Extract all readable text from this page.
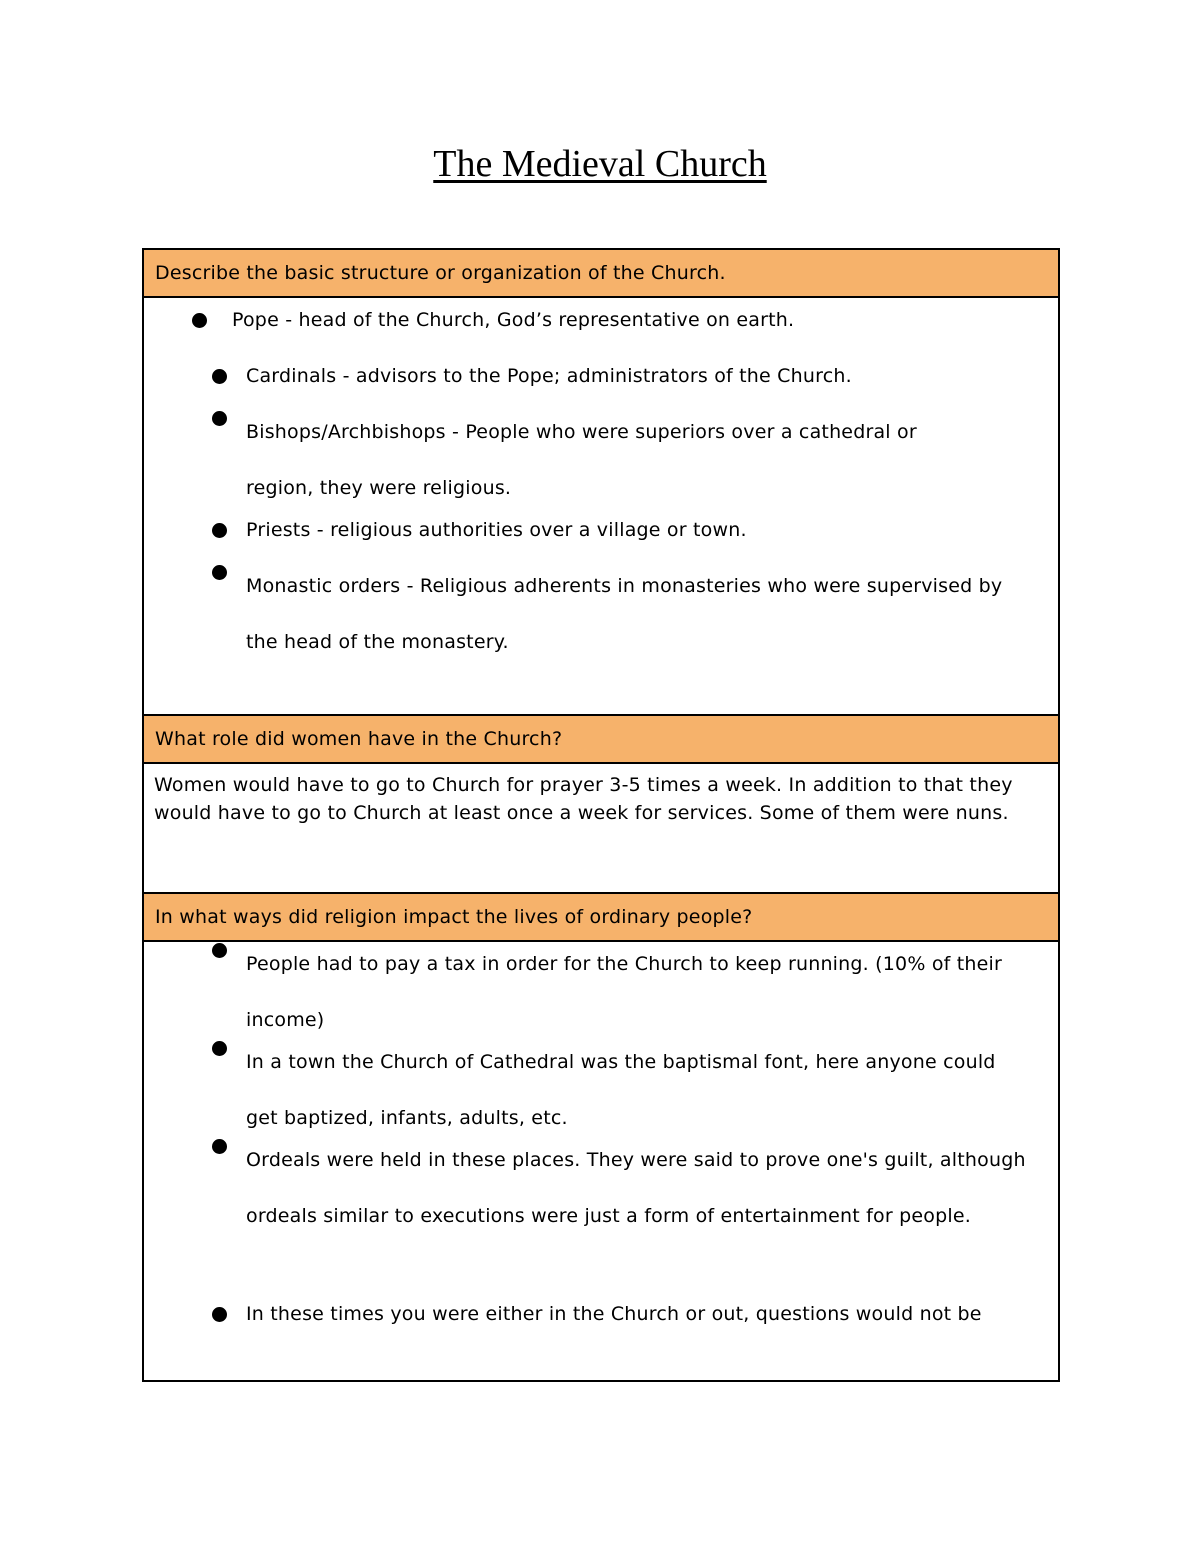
The Medieval Church
Describe the basic structure or organization of the Church.
Pope - head of the Church, God’s representative on earth.
Cardinals - advisors to the Pope; administrators of the Church.
Bishops/Archbishops - People who were superiors over a cathedral or region, they were religious.
Priests - religious authorities over a village or town.
Monastic orders - Religious adherents in monasteries who were supervised by the head of the monastery.
What role did women have in the Church?
Women would have to go to Church for prayer 3-5 times a week. In addition to that they would have to go to Church at least once a week for services. Some of them were nuns.
In what ways did religion impact the lives of ordinary people?
People had to pay a tax in order for the Church to keep running. (10% of their income)
In a town the Church of Cathedral was the baptismal font, here anyone could get baptized, infants, adults, etc.
Ordeals were held in these places. They were said to prove one's guilt, although ordeals similar to executions were just a form of entertainment for people.
In these times you were either in the Church or out, questions would not be
